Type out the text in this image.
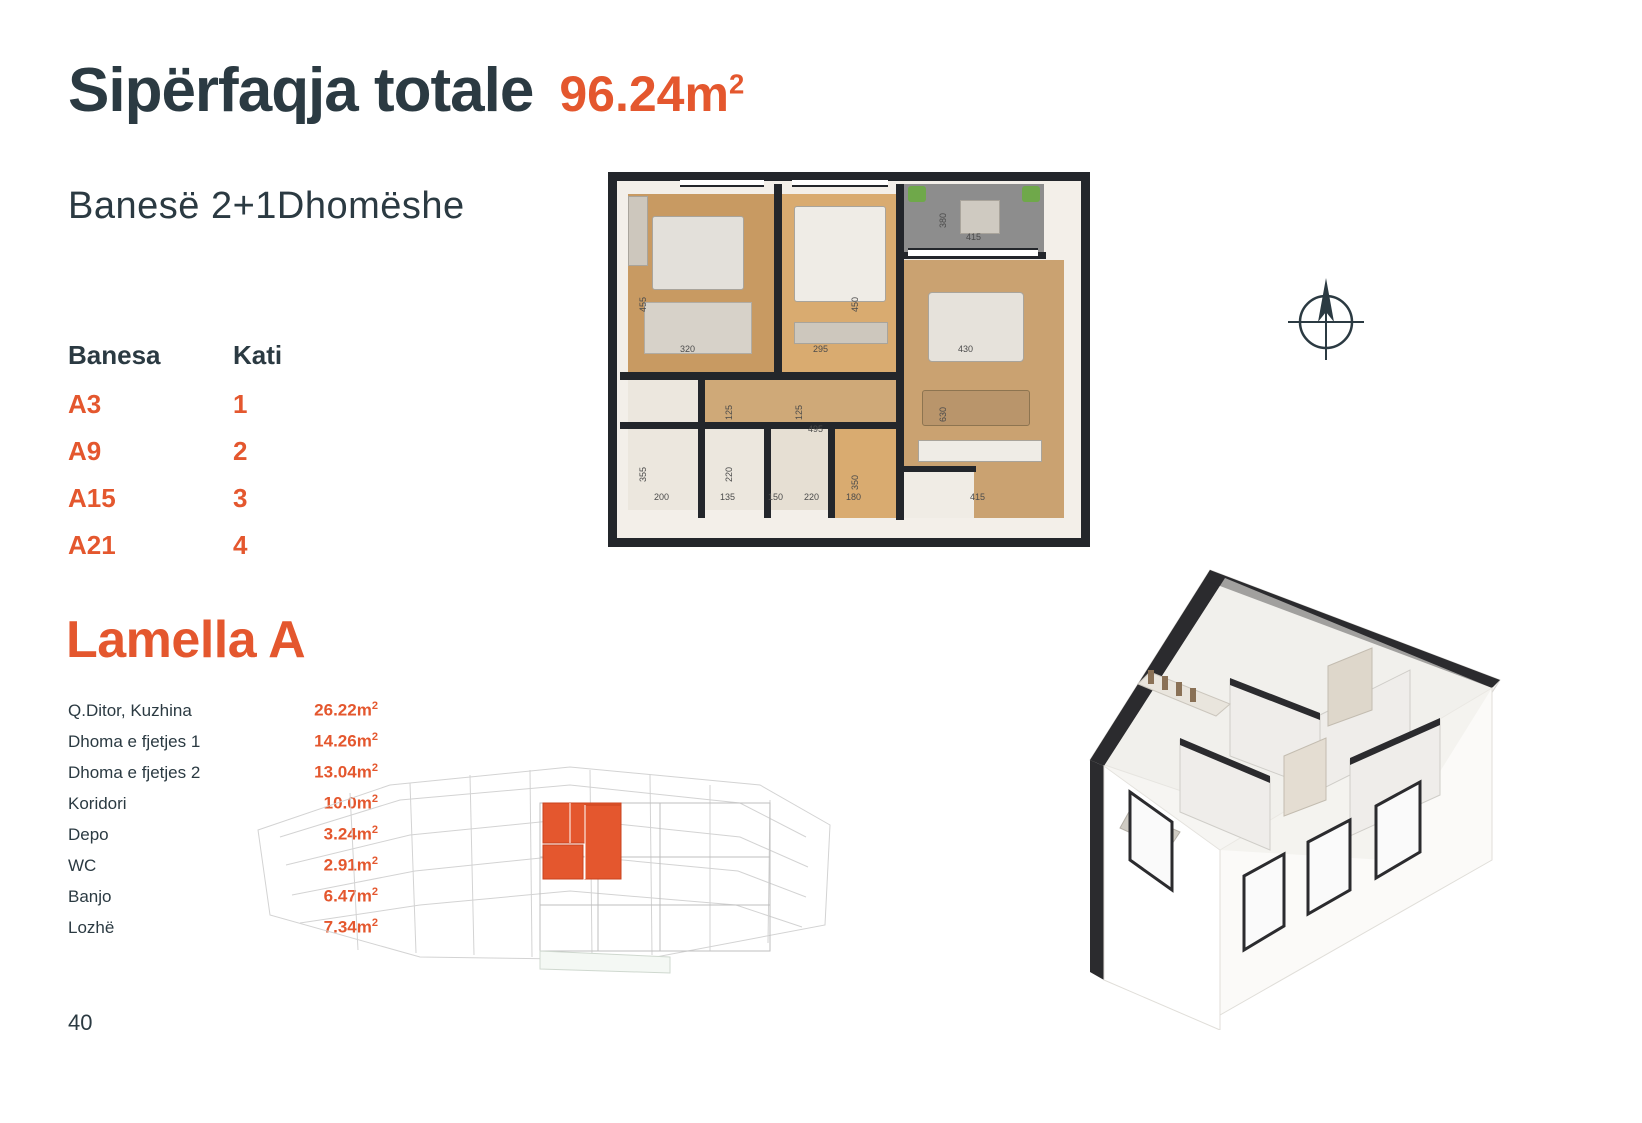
Sipërfaqja totale $96.24m^2$
Banesë 2+1Dhomëshe
Banesa	Kati
A3	1
A9	2
A15	3
A21	4
Lamella A
Q.Ditor, Kuzhina	$26.22m^2$
Dhoma e fjetjes 1	$14.26m^2$
Dhoma e fjetjes 2	$13.04m^2$
Koridori	$10.0m^2$
Depo	$3.24m^2$
WC	$2.91m^2$
Banjo	$6.47m^2$
Lozhë	$7.34m^2$
40
320	295	430
415
200	135	150 220	180	415
495
455	450
630
355
125	125
220
350
380
